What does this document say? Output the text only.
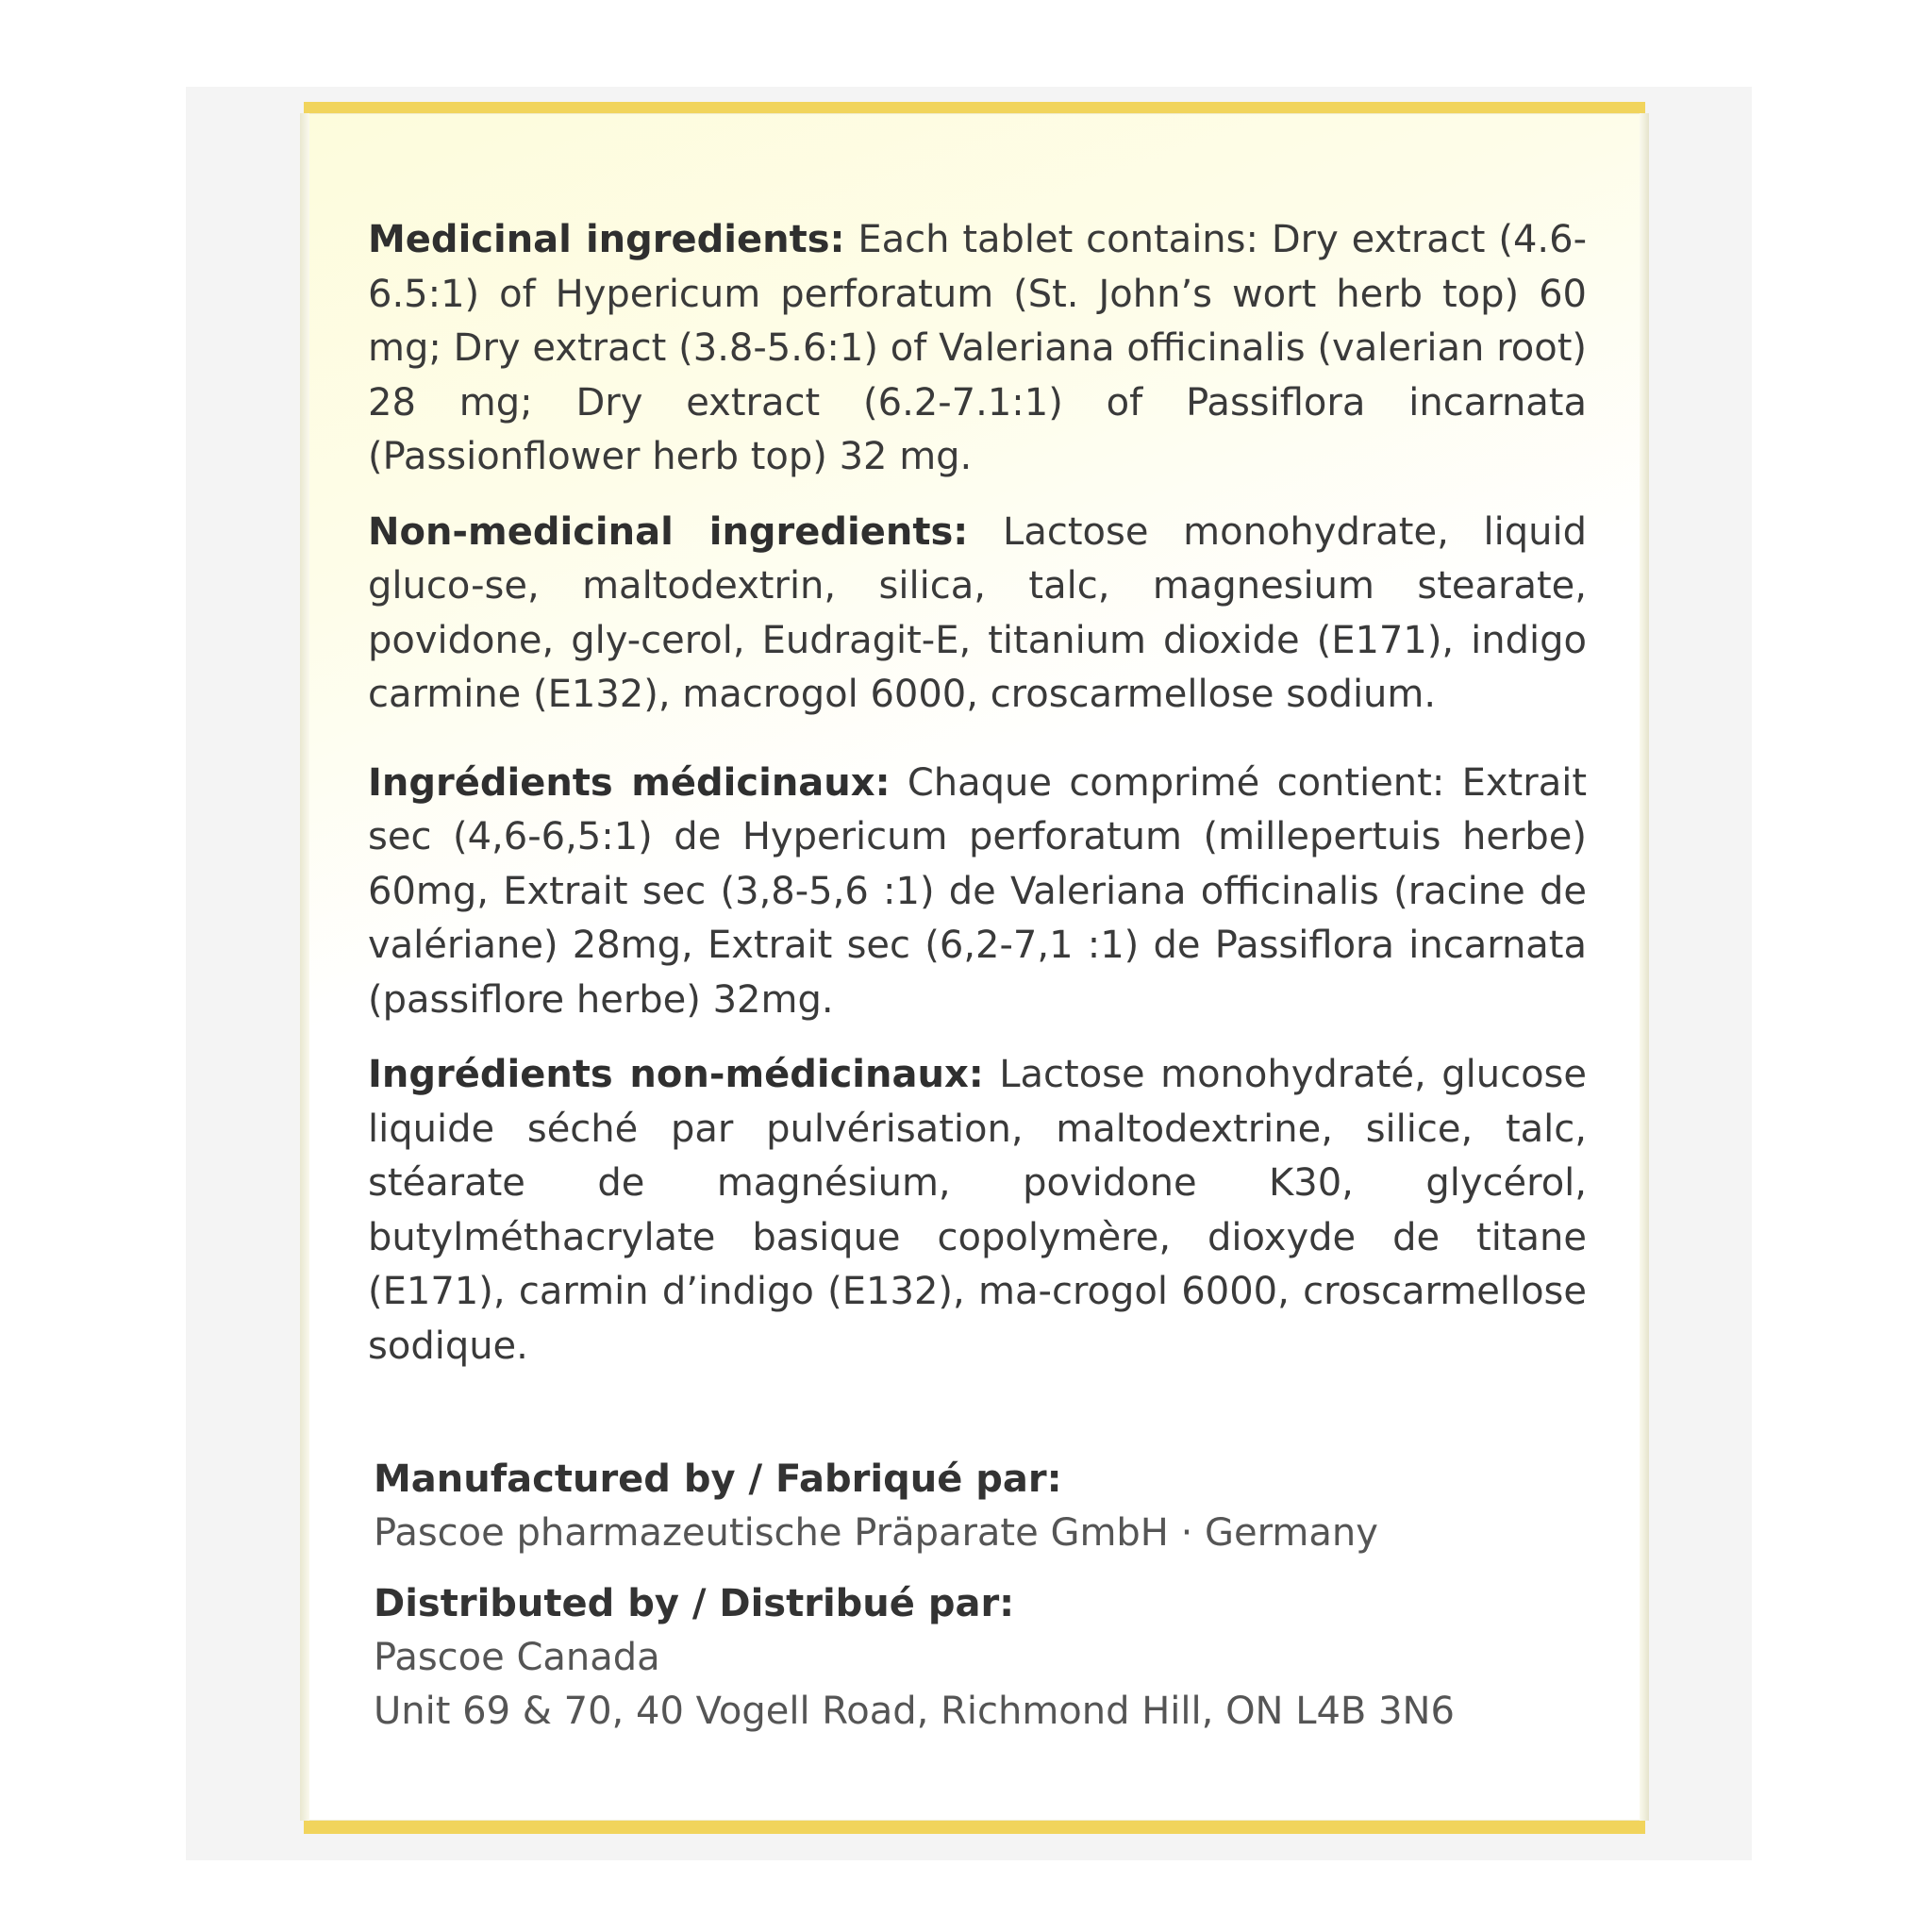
Medicinal ingredients: Each tablet contains: Dry extract (4.6-6.5:1) of Hypericum perforatum (St. John’s wort herb top) 60 mg; Dry extract (3.8-5.6:1) of Valeriana officinalis (valerian root) 28 mg; Dry extract (6.2-7.1:1) of Passiflora incarnata (Passionflower herb top) 32 mg.

Non-medicinal ingredients: Lactose monohydrate, liquid gluco-se, maltodextrin, silica, talc, magnesium stearate, povidone, gly-cerol, Eudragit-E, titanium dioxide (E171), indigo carmine (E132), macrogol 6000, croscarmellose sodium.

Ingrédients médicinaux: Chaque comprimé contient: Extrait sec (4,6-6,5:1) de Hypericum perforatum (millepertuis herbe) 60mg, Extrait sec (3,8-5,6 :1) de Valeriana officinalis (racine de valériane) 28mg, Extrait sec (6,2-7,1 :1) de Passiflora incarnata (passiflore herbe) 32mg.

Ingrédients non-médicinaux: Lactose monohydraté, glucose liquide séché par pulvérisation, maltodextrine, silice, talc, stéarate de magnésium, povidone K30, glycérol, butylméthacrylate basique copolymère, dioxyde de titane (E171), carmin d’indigo (E132), ma-crogol 6000, croscarmellose sodique.

Manufactured by / Fabriqué par:
Pascoe pharmazeutische Präparate GmbH · Germany
Distributed by / Distribué par:
Pascoe Canada
Unit 69 & 70, 40 Vogell Road, Richmond Hill, ON L4B 3N6
